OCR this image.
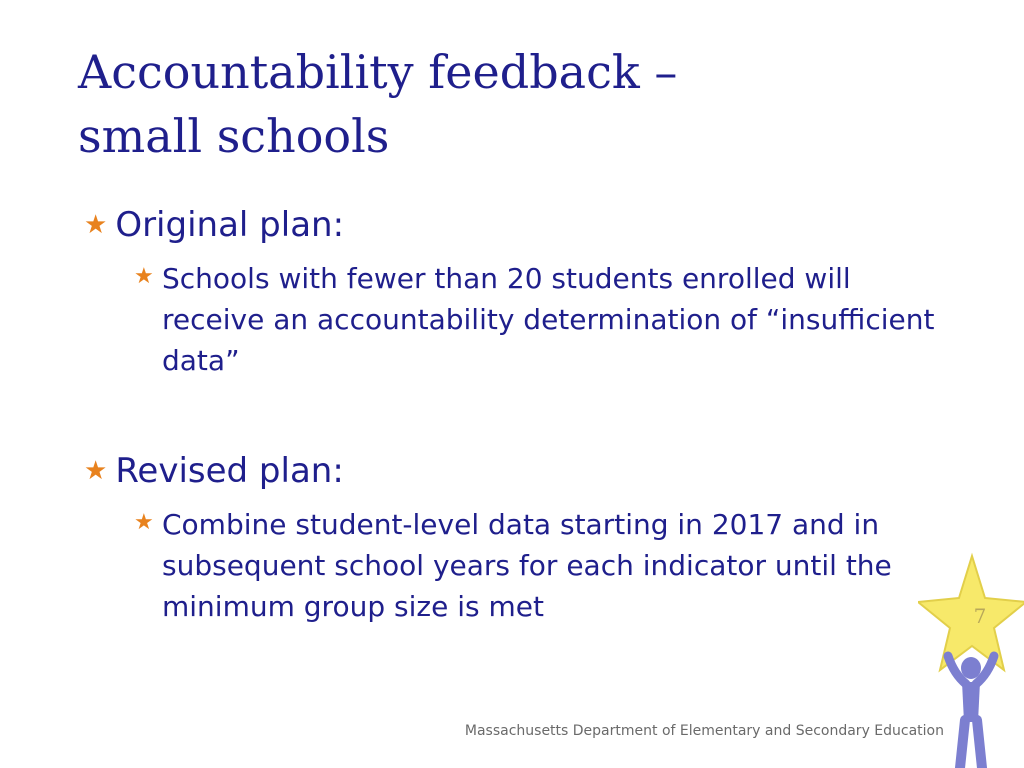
Accountability feedback –
small schools
★ Original plan:
★ Schools with fewer than 20 students enrolled will receive an accountability determination of “insufficient data”
★ Revised plan:
★ Combine student-level data starting in 2017 and in subsequent school years for each indicator until the minimum group size is met	7
Massachusetts Department of Elementary and Secondary Education
